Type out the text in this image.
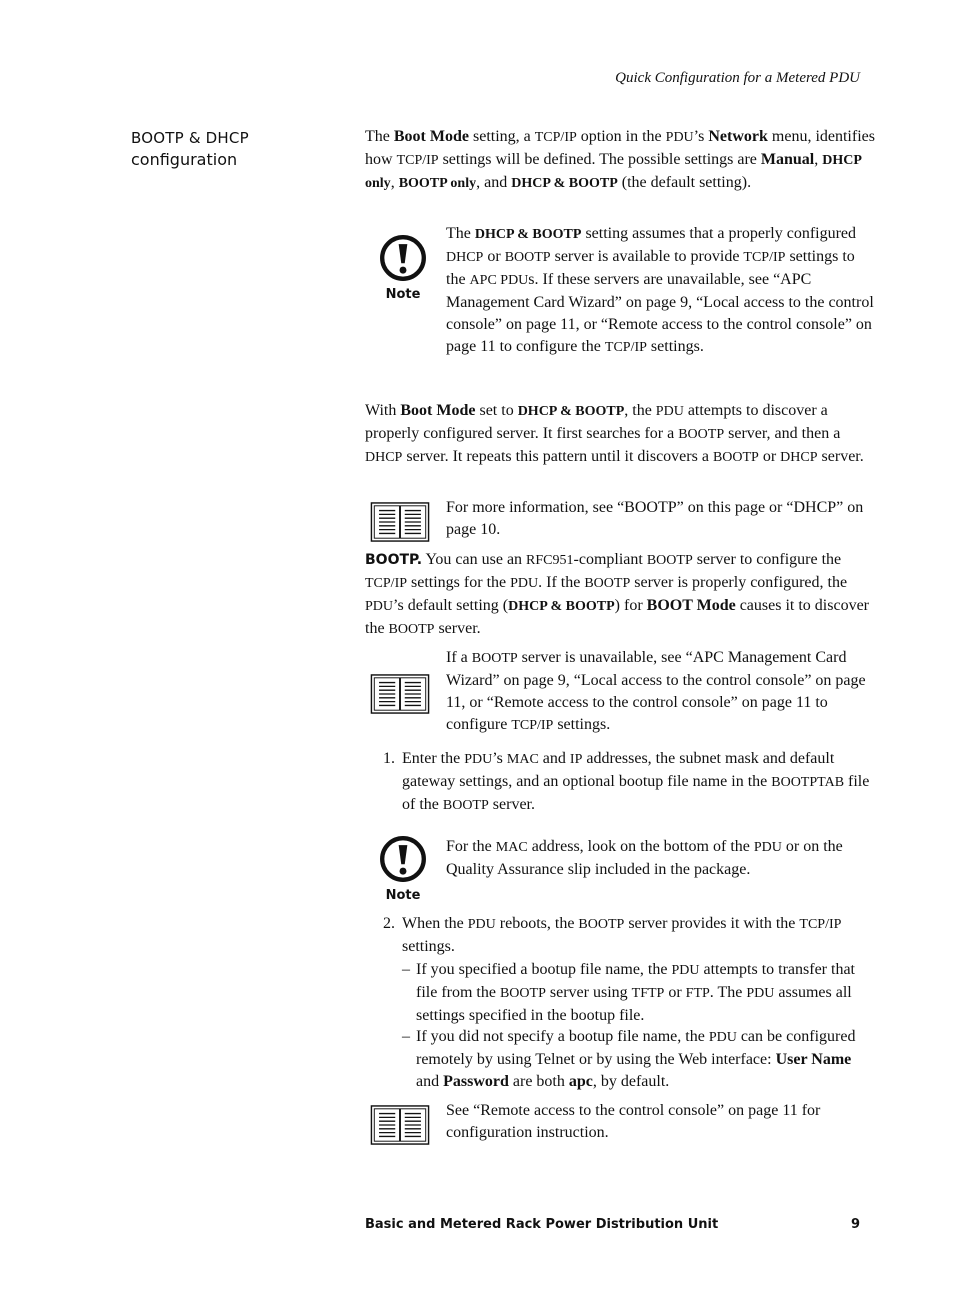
Quick Configuration for a Metered PDU
BOOTP & DHCP
configuration
The Boot Mode setting, a TCP/IP option in the PDU’s Network menu, identifies how TCP/IP settings will be defined. The possible settings are Manual, DHCP only, BOOTP only, and DHCP & BOOTP (the default setting).
Note
The DHCP & BOOTP setting assumes that a properly configured DHCP or BOOTP server is available to provide TCP/IP settings to the APC PDUs. If these servers are unavailable, see “APC Management Card Wizard” on page 9, “Local access to the control console” on page 11, or “Remote access to the control console” on page 11 to configure the TCP/IP settings.
With Boot Mode set to DHCP & BOOTP, the PDU attempts to discover a properly configured server. It first searches for a BOOTP server, and then a DHCP server. It repeats this pattern until it discovers a BOOTP or DHCP server.
For more information, see “BOOTP” on this page or “DHCP” on page 10.
BOOTP. You can use an RFC951-compliant BOOTP server to configure the TCP/IP settings for the PDU. If the BOOTP server is properly configured, the PDU’s default setting (DHCP & BOOTP) for BOOT Mode causes it to discover the BOOTP server.
If a BOOTP server is unavailable, see “APC Management Card Wizard” on page 9, “Local access to the control console” on page 11, or “Remote access to the control console” on page 11 to configure TCP/IP settings.
1. Enter the PDU’s MAC and IP addresses, the subnet mask and default gateway settings, and an optional bootup file name in the BOOTPTAB file of the BOOTP server.
Note
For the MAC address, look on the bottom of the PDU or on the Quality Assurance slip included in the package.
2. When the PDU reboots, the BOOTP server provides it with the TCP/IP settings.
– If you specified a bootup file name, the PDU attempts to transfer that file from the BOOTP server using TFTP or FTP. The PDU assumes all settings specified in the bootup file.
– If you did not specify a bootup file name, the PDU can be configured remotely by using Telnet or by using the Web interface: User Name and Password are both apc, by default.
See “Remote access to the control console” on page 11 for configuration instruction.
Basic and Metered Rack Power Distribution Unit	9
